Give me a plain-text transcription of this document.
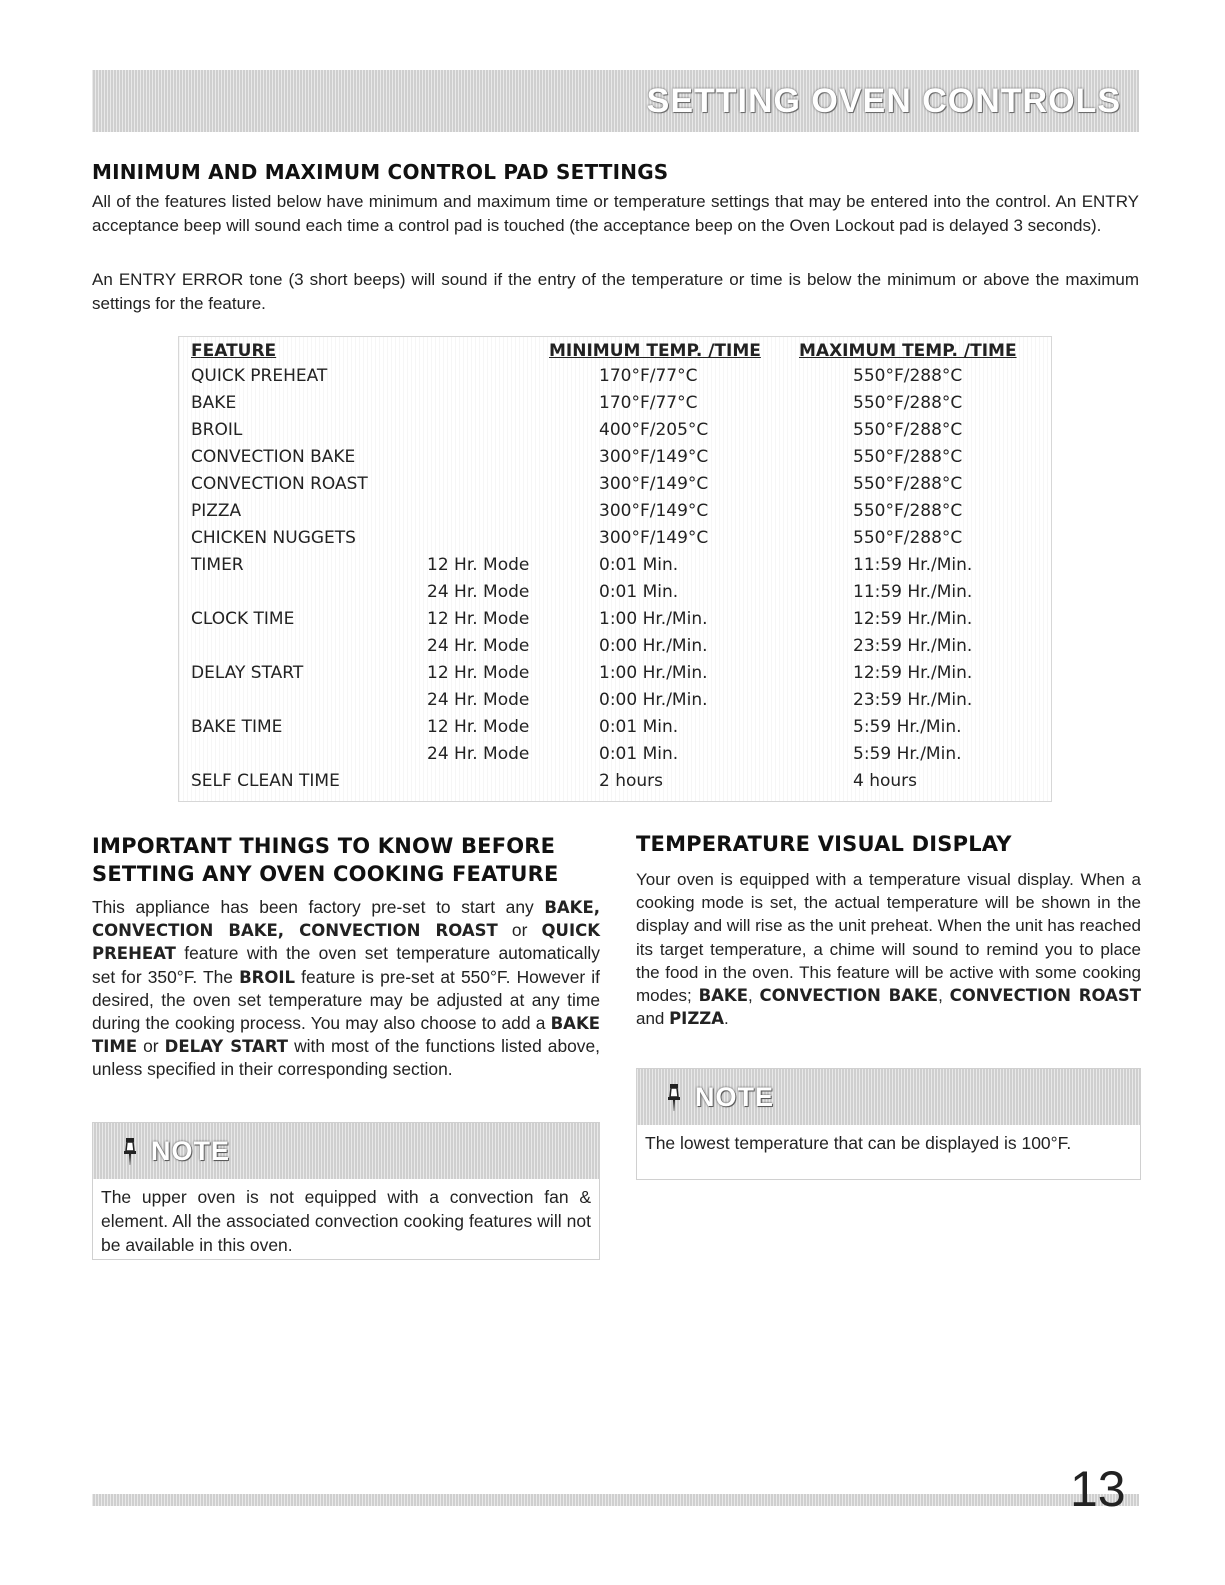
SETTING OVEN CONTROLS
MINIMUM AND MAXIMUM CONTROL PAD SETTINGS
All of the features listed below have minimum and maximum time or temperature settings that may be entered into the control. An ENTRY acceptance beep will sound each time a control pad is touched (the acceptance beep on the Oven Lockout pad is delayed 3 seconds).
An ENTRY ERROR tone (3 short beeps) will sound if the entry of the temperature or time is below the minimum or above the maximum settings for the feature.
FEATURE	MINIMUM TEMP. /TIME MAXIMUM TEMP. /TIME
QUICK PREHEAT	170°F/77°C	550°F/288°C
BAKE	170°F/77°C	550°F/288°C
BROIL	400°F/205°C	550°F/288°C
CONVECTION BAKE	300°F/149°C	550°F/288°C
CONVECTION ROAST	300°F/149°C	550°F/288°C
PIZZA	300°F/149°C	550°F/288°C
CHICKEN NUGGETS	300°F/149°C	550°F/288°C
TIMER	12 Hr. Mode	0:01 Min.	11:59 Hr./Min.
24 Hr. Mode	0:01 Min.	11:59 Hr./Min.
CLOCK TIME	12 Hr. Mode	1:00 Hr./Min.	12:59 Hr./Min.
24 Hr. Mode	0:00 Hr./Min.	23:59 Hr./Min.
DELAY START	12 Hr. Mode	1:00 Hr./Min.	12:59 Hr./Min.
24 Hr. Mode	0:00 Hr./Min.	23:59 Hr./Min.
BAKE TIME	12 Hr. Mode	0:01 Min.	5:59 Hr./Min.
24 Hr. Mode	0:01 Min.	5:59 Hr./Min.
SELF CLEAN TIME	2 hours	4 hours
IMPORTANT THINGS TO KNOW BEFORE SETTING ANY OVEN COOKING FEATURE
This appliance has been factory pre-set to start any BAKE, CONVECTION BAKE, CONVECTION ROAST or QUICK PREHEAT feature with the oven set temperature automatically set for 350°F. The BROIL feature is pre-set at 550°F. However if desired, the oven set temperature may be adjusted at any time during the cooking process. You may also choose to add a BAKE TIME or DELAY START with most of the functions listed above, unless specified in their corresponding section.
NOTE
The upper oven is not equipped with a convection fan & element. All the associated convection cooking features will not be available in this oven.
TEMPERATURE VISUAL DISPLAY
Your oven is equipped with a temperature visual display. When a cooking mode is set, the actual temperature will be shown in the display and will rise as the unit preheat. When the unit has reached its target temperature, a chime will sound to remind you to place the food in the oven. This feature will be active with some cooking modes; BAKE, CONVECTION BAKE, CONVECTION ROAST and PIZZA.
NOTE
The lowest temperature that can be displayed is 100°F.
13
